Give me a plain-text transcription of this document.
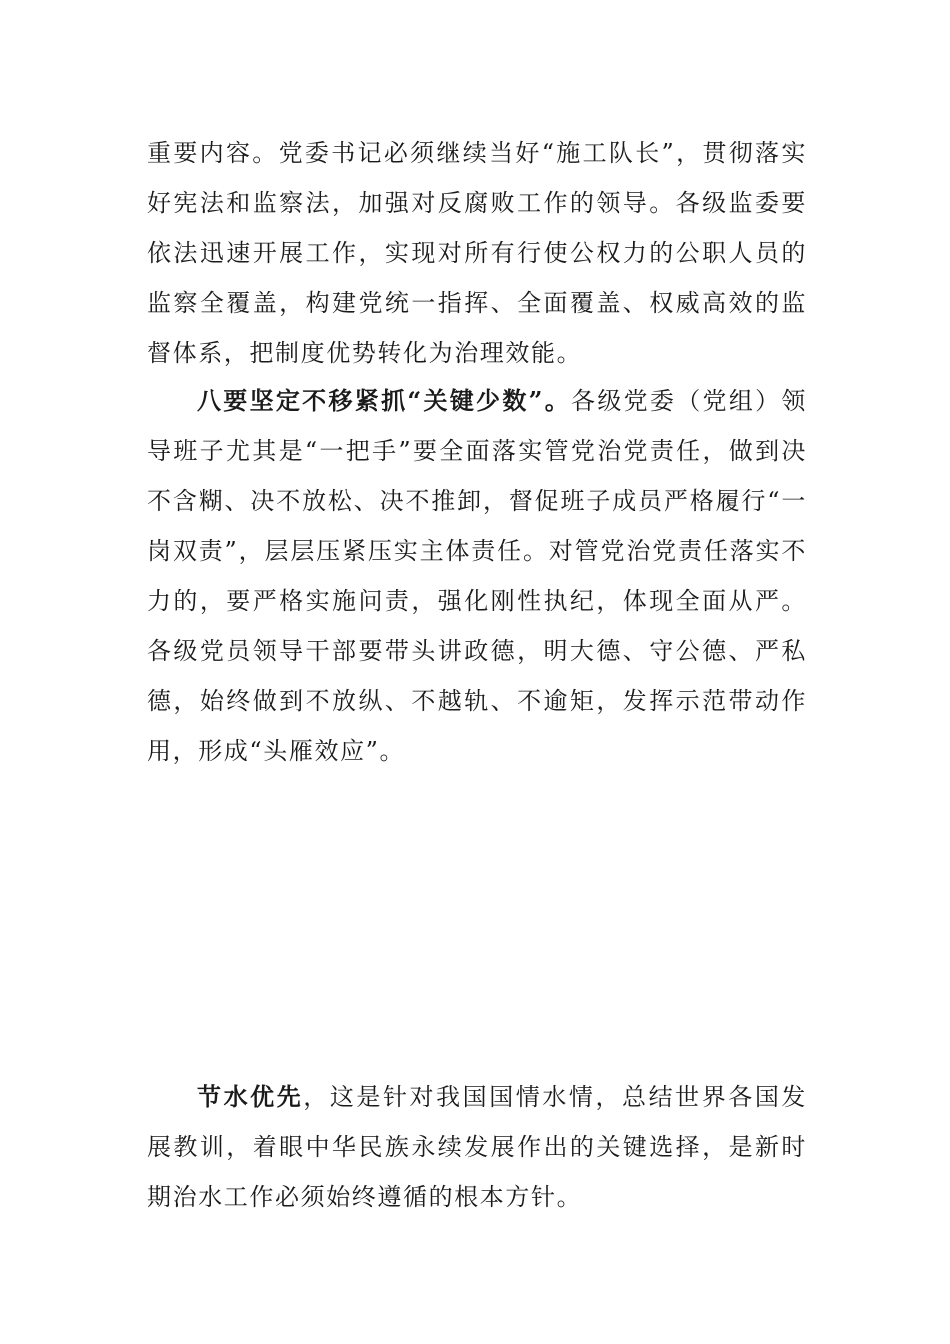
重要内容。党委书记必须继续当好“施工队长”，贯彻落实好宪法和监察法，加强对反腐败工作的领导。各级监委要依法迅速开展工作，实现对所有行使公权力的公职人员的监察全覆盖，构建党统一指挥、全面覆盖、权威高效的监督体系，把制度优势转化为治理效能。

八要坚定不移紧抓“关键少数”。各级党委（党组）领导班子尤其是“一把手”要全面落实管党治党责任，做到决不含糊、决不放松、决不推卸，督促班子成员严格履行“一岗双责”，层层压紧压实主体责任。对管党治党责任落实不力的，要严格实施问责，强化刚性执纪，体现全面从严。各级党员领导干部要带头讲政德，明大德、守公德、严私德，始终做到不放纵、不越轨、不逾矩，发挥示范带动作用，形成“头雁效应”。

节水优先，这是针对我国国情水情，总结世界各国发展教训，着眼中华民族永续发展作出的关键选择，是新时期治水工作必须始终遵循的根本方针。
